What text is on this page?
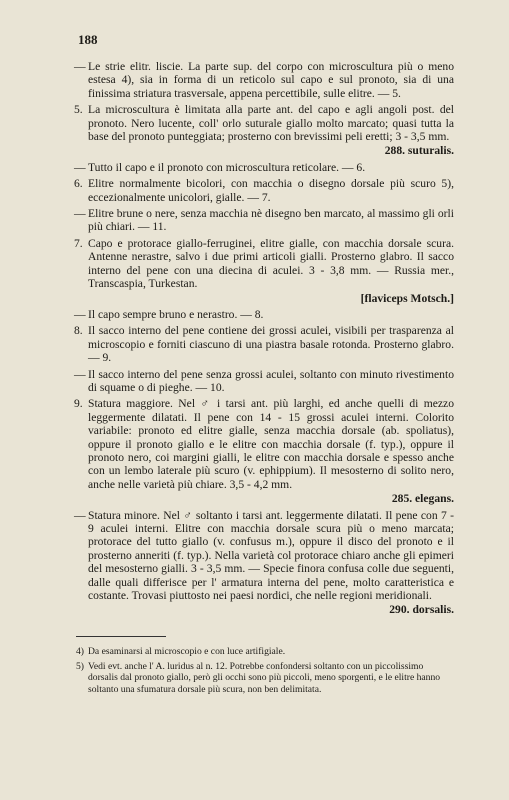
188
— Le strie elitr. liscie. La parte sup. del corpo con microscultura più o meno estesa 4), sia in forma di un reticolo sul capo e sul pronoto, sia di una finissima striatura trasversale, appena percettibile, sulle elitre. — 5.
5. La microscultura è limitata alla parte ant. del capo e agli angoli post. del pronoto. Nero lucente, coll' orlo suturale giallo molto marcato; quasi tutta la base del pronoto punteggiata; prosterno con brevissimi peli eretti; 3 - 3,5 mm.
288. suturalis.
— Tutto il capo e il pronoto con microscultura reticolare. — 6.
6. Elitre normalmente bicolori, con macchia o disegno dorsale più scuro 5), eccezionalmente unicolori, gialle. — 7.
— Elitre brune o nere, senza macchia nè disegno ben marcato, al massimo gli orli più chiari. — 11.
7. Capo e protorace giallo-ferruginei, elitre gialle, con macchia dorsale scura. Antenne nerastre, salvo i due primi articoli gialli. Prosterno glabro. Il sacco interno del pene con una diecina di aculei. 3 - 3,8 mm. — Russia mer., Transcaspia, Turkestan.
[flaviceps Motsch.]
— Il capo sempre bruno e nerastro. — 8.
8. Il sacco interno del pene contiene dei grossi aculei, visibili per trasparenza al microscopio e forniti ciascuno di una piastra basale rotonda. Prosterno glabro. — 9.
— Il sacco interno del pene senza grossi aculei, soltanto con minuto rivestimento di squame o di pieghe. — 10.
9. Statura maggiore. Nel ♂ i tarsi ant. più larghi, ed anche quelli di mezzo leggermente dilatati. Il pene con 14 - 15 grossi aculei interni. Colorito variabile: pronoto ed elitre gialle, senza macchia dorsale (ab. spoliatus), oppure il pronoto giallo e le elitre con macchia dorsale (f. typ.), oppure il pronoto nero, coi margini gialli, le elitre con macchia dorsale e spesso anche con un lembo laterale più scuro (v. ephippium). Il mesosterno di solito nero, anche nelle varietà più chiare. 3,5 - 4,2 mm.
285. elegans.
— Statura minore. Nel ♂ soltanto i tarsi ant. leggermente dilatati. Il pene con 7 - 9 aculei interni. Elitre con macchia dorsale scura più o meno marcata; protorace del tutto giallo (v. confusus m.), oppure il disco del pronoto e il prosterno anneriti (f. typ.). Nella varietà col protorace chiaro anche gli epimeri del mesosterno gialli. 3 - 3,5 mm. — Specie finora confusa colle due seguenti, dalle quali differisce per l' armatura interna del pene, molto caratteristica e costante. Trovasi piuttosto nei paesi nordici, che nelle regioni meridionali.
290. dorsalis.
4) Da esaminarsi al microscopio e con luce artifigiale.
5) Vedi evt. anche l' A. luridus al n. 12. Potrebbe confondersi soltanto con un piccolissimo dorsalis dal pronoto giallo, però gli occhi sono più piccoli, meno sporgenti, e le elitre hanno soltanto una sfumatura dorsale più scura, non ben delimitata.
